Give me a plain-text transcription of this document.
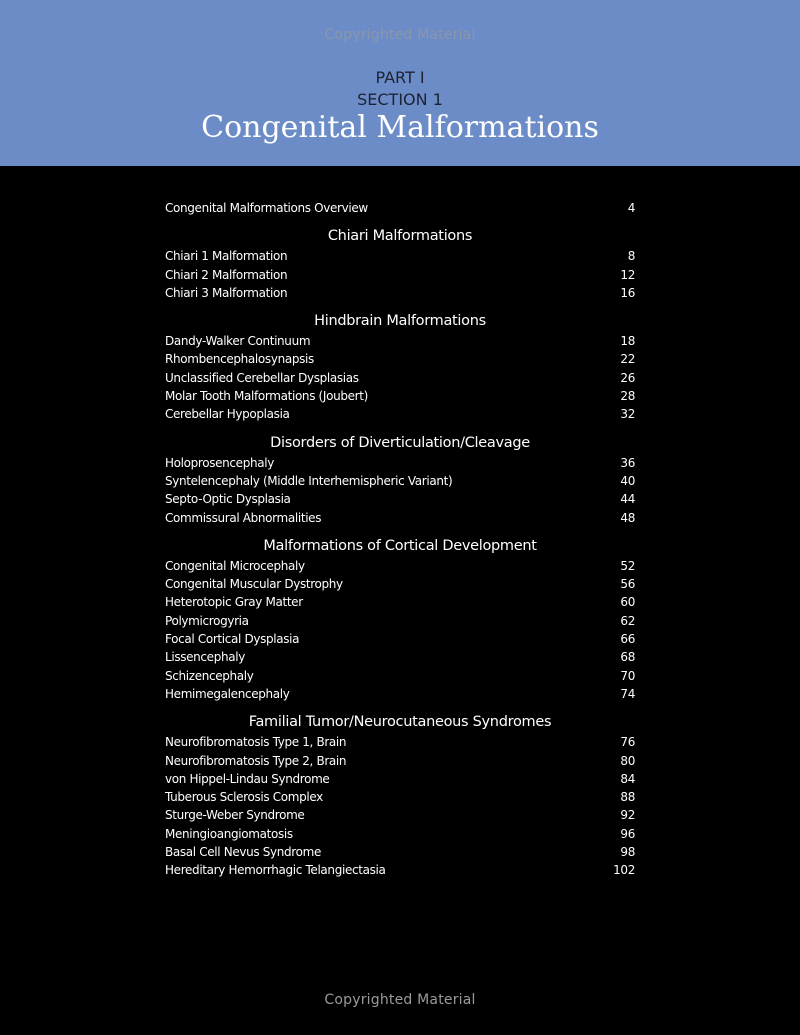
Copyrighted Material
PART I
SECTION 1
Congenital Malformations
Congenital Malformations Overview	4
Chiari Malformations
Chiari 1 Malformation	8
Chiari 2 Malformation	12
Chiari 3 Malformation	16
Hindbrain Malformations
Dandy-Walker Continuum	18
Rhombencephalosynapsis	22
Unclassified Cerebellar Dysplasias	26
Molar Tooth Malformations (Joubert)	28
Cerebellar Hypoplasia	32
Disorders of Diverticulation/Cleavage
Holoprosencephaly	36
Syntelencephaly (Middle Interhemispheric Variant)	40
Septo-Optic Dysplasia	44
Commissural Abnormalities	48
Malformations of Cortical Development
Congenital Microcephaly	52
Congenital Muscular Dystrophy	56
Heterotopic Gray Matter	60
Polymicrogyria	62
Focal Cortical Dysplasia	66
Lissencephaly	68
Schizencephaly	70
Hemimegalencephaly	74
Familial Tumor/Neurocutaneous Syndromes
Neurofibromatosis Type 1, Brain	76
Neurofibromatosis Type 2, Brain	80
von Hippel-Lindau Syndrome	84
Tuberous Sclerosis Complex	88
Sturge-Weber Syndrome	92
Meningioangiomatosis	96
Basal Cell Nevus Syndrome	98
Hereditary Hemorrhagic Telangiectasia	102
Copyrighted Material
